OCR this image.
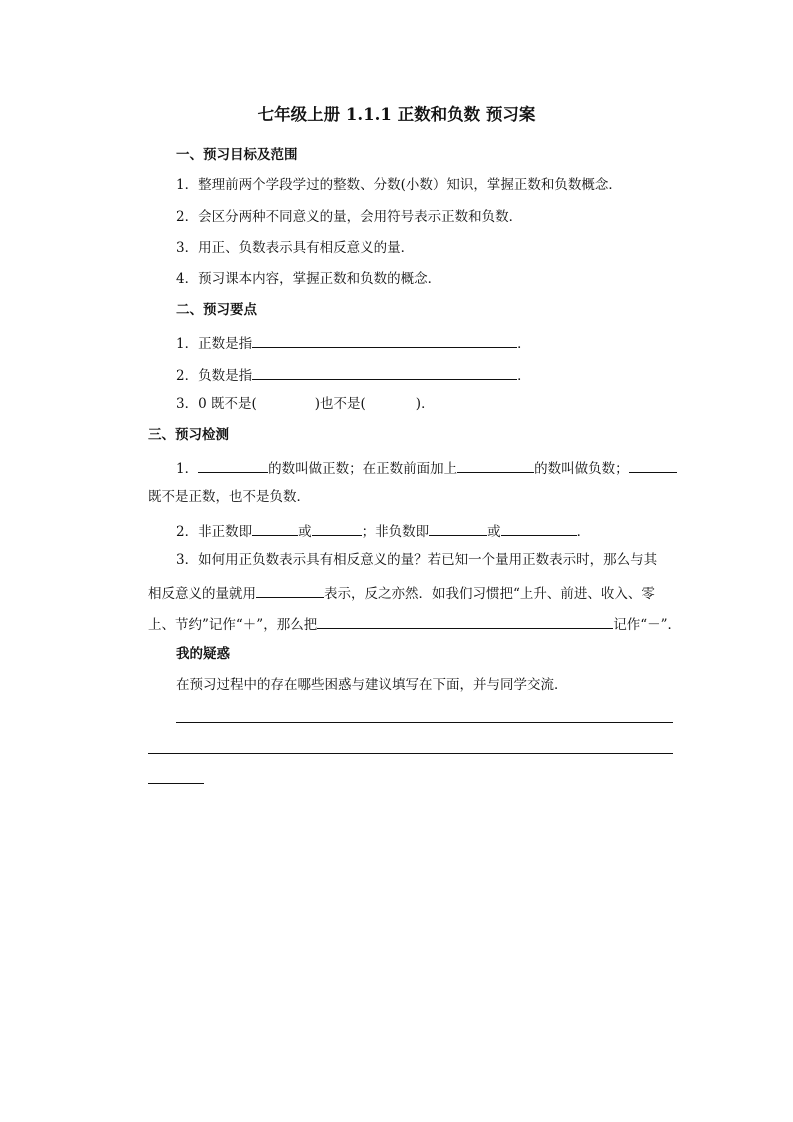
七年级上册 1.1.1 正数和负数 预习案
一、预习目标及范围
1．整理前两个学段学过的整数、分数(小数）知识，掌握正数和负数概念．
2．会区分两种不同意义的量，会用符号表示正数和负数．
3．用正、负数表示具有相反意义的量．
4．预习课本内容，掌握正数和负数的概念．
二、预习要点
1．正数是指	．
2．负数是指	．
3．0 既不是(	)也不是(	)．
三、预习检测
1．	的数叫做正数；在正数前面加上	的数叫做负数；
既不是正数，也不是负数．
2．非正数即	或	；非负数即	或	．
3．如何用正负数表示具有相反意义的量？若已知一个量用正数表示时，那么与其
相反意义的量就用	表示，反之亦然．如我们习惯把“上升、前进、收入、零
上、节约”记作“＋”，那么把	记作“－”．
我的疑惑
在预习过程中的存在哪些困惑与建议填写在下面，并与同学交流．
